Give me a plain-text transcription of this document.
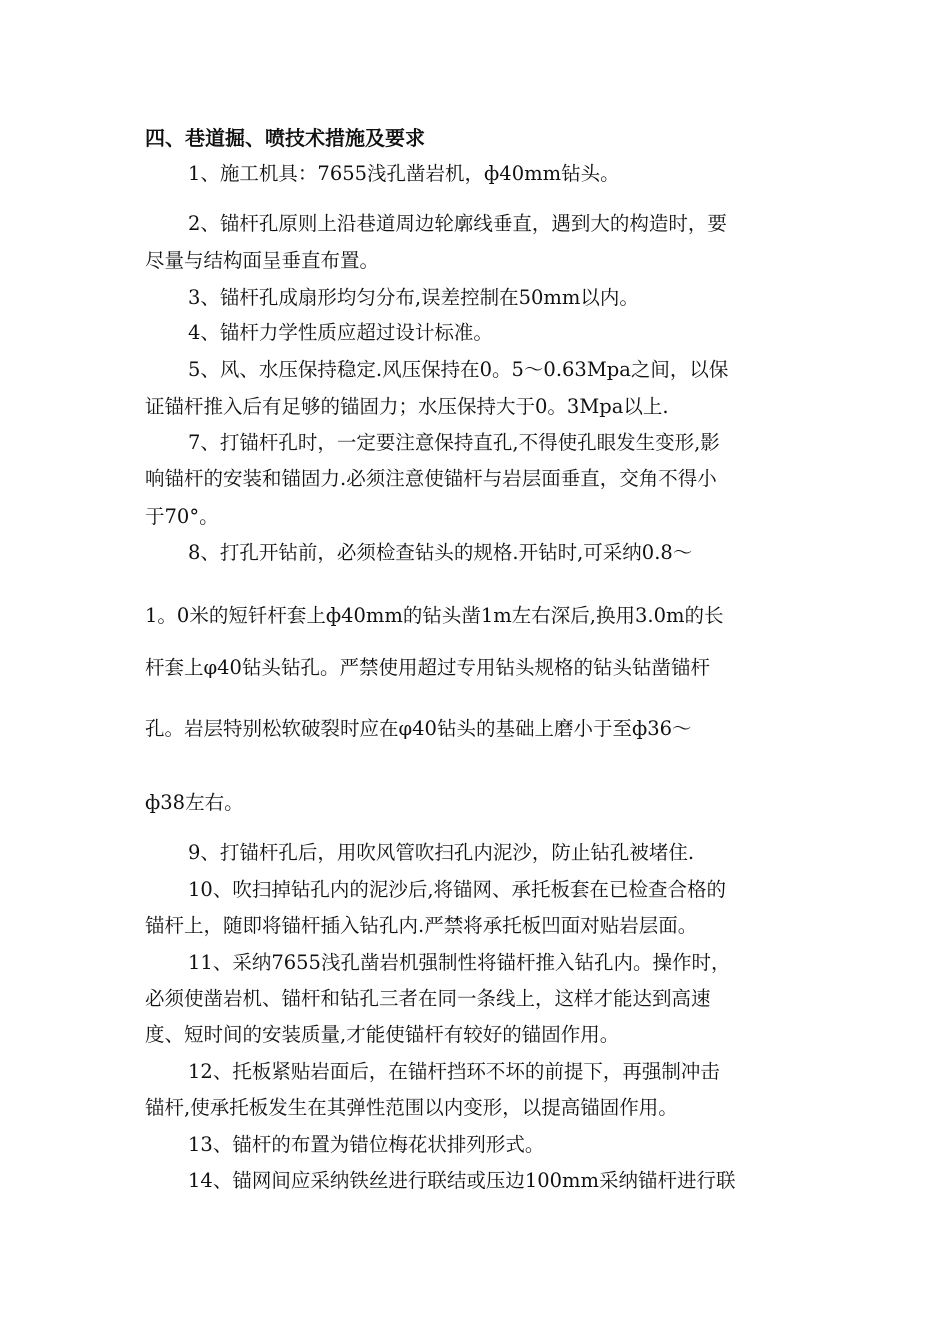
四、巷道掘、喷技术措施及要求
1、施工机具：7655浅孔凿岩机，ф40mm钻头。
2、锚杆孔原则上沿巷道周边轮廓线垂直，遇到大的构造时，要
尽量与结构面呈垂直布置。
3、锚杆孔成扇形均匀分布,误差控制在50mm以内。
4、锚杆力学性质应超过设计标准。
5、风、水压保持稳定.风压保持在0。5～0.63Mpa之间，以保
证锚杆推入后有足够的锚固力；水压保持大于0。3Mpa以上.
7、打锚杆孔时，一定要注意保持直孔,不得使孔眼发生变形,影
响锚杆的安装和锚固力.必须注意使锚杆与岩层面垂直，交角不得小
于70°。
8、打孔开钻前，必须检查钻头的规格.开钻时,可采纳0.8～
1。0米的短钎杆套上ф40mm的钻头凿1m左右深后,换用3.0m的长
杆套上φ40钻头钻孔。严禁使用超过专用钻头规格的钻头钻凿锚杆
孔。岩层特别松软破裂时应在φ40钻头的基础上磨小于至ф36～
ф38左右。
9、打锚杆孔后，用吹风管吹扫孔内泥沙，防止钻孔被堵住.
10、吹扫掉钻孔内的泥沙后,将锚网、承托板套在已检查合格的
锚杆上，随即将锚杆插入钻孔内.严禁将承托板凹面对贴岩层面。
11、采纳7655浅孔凿岩机强制性将锚杆推入钻孔内。操作时，
必须使凿岩机、锚杆和钻孔三者在同一条线上，这样才能达到高速
度、短时间的安装质量,才能使锚杆有较好的锚固作用。
12、托板紧贴岩面后，在锚杆挡环不坏的前提下，再强制冲击
锚杆,使承托板发生在其弹性范围以内变形，以提高锚固作用。
13、锚杆的布置为错位梅花状排列形式。
14、锚网间应采纳铁丝进行联结或压边100mm采纳锚杆进行联
